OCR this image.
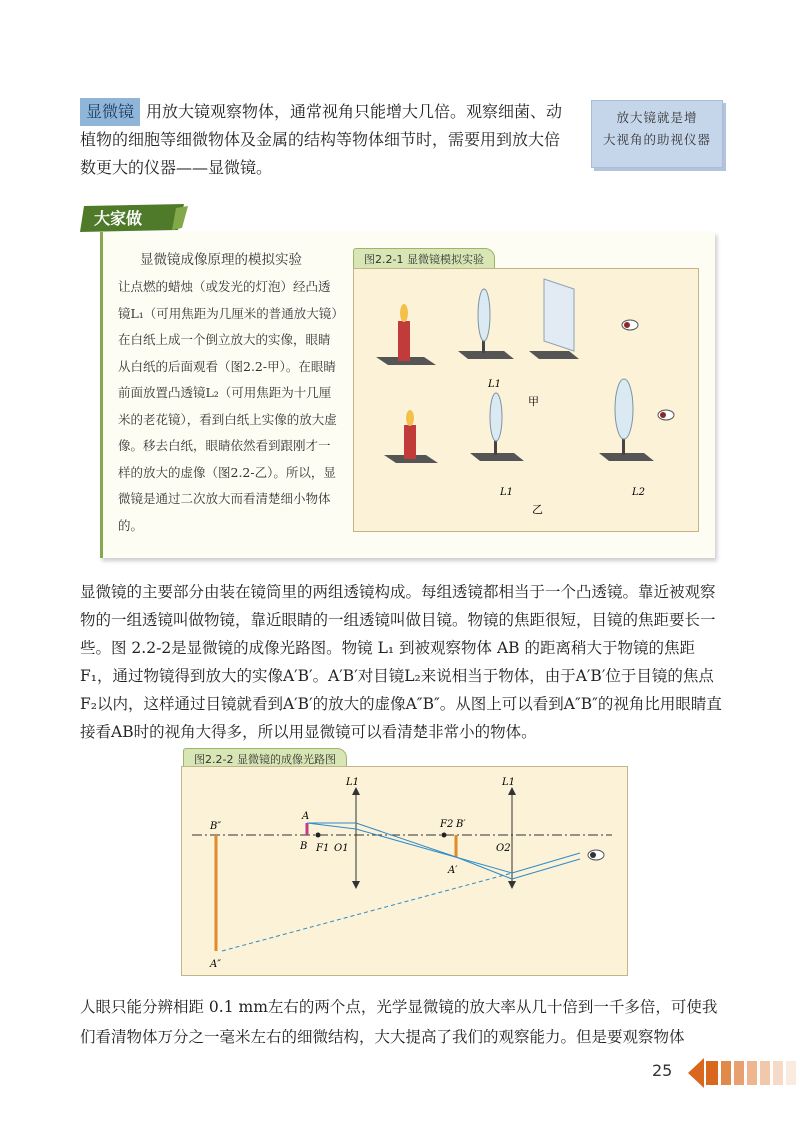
显微镜 用放大镜观察物体，通常视角只能增大几倍。观察细菌、动植物的细胞等细微物体及金属的结构等物体细节时，需要用到放大倍数更大的仪器——显微镜。
放大镜就是增
大视角的助视仪器
大家做
显微镜成像原理的模拟实验
让点燃的蜡烛（或发光的灯泡）经凸透镜L₁（可用焦距为几厘米的普通放大镜）在白纸上成一个倒立放大的实像，眼睛从白纸的后面观看（图2.2-甲）。在眼睛前面放置凸透镜L₂（可用焦距为十几厘米的老花镜），看到白纸上实像的放大虚像。移去白纸，眼睛依然看到跟刚才一样的放大的虚像（图2.2-乙）。所以，显微镜是通过二次放大而看清楚细小物体的。
图2.2-1 显微镜模拟实验
L1
甲
L1	L2
乙
显微镜的主要部分由装在镜筒里的两组透镜构成。每组透镜都相当于一个凸透镜。靠近被观察物的一组透镜叫做物镜，靠近眼睛的一组透镜叫做目镜。物镜的焦距很短，目镜的焦距要长一些。图 2.2-2是显微镜的成像光路图。物镜 L₁ 到被观察物体 AB 的距离稍大于物镜的焦距F₁，通过物镜得到放大的实像A′B′。A′B′对目镜L₂来说相当于物体，由于A′B′位于目镜的焦点F₂以内，这样通过目镜就看到A′B′的放大的虚像A″B″。从图上可以看到A″B″的视角比用眼睛直接看AB时的视角大得多，所以用显微镜可以看清楚非常小的物体。
图2.2-2 显微镜的成像光路图
L1	L1
A
B F1 O1
F2 B′
A′
O2
B″
A″
人眼只能分辨相距 0.1 mm左右的两个点，光学显微镜的放大率从几十倍到一千多倍，可使我们看清物体万分之一毫米左右的细微结构，大大提高了我们的观察能力。但是要观察物体
25
